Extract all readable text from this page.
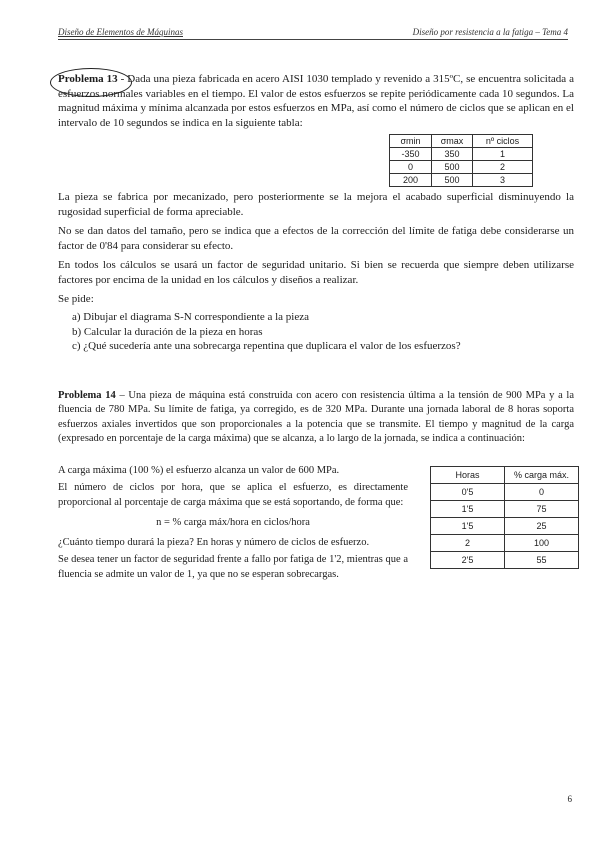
Diseño de Elementos de Máquinas	Diseño por resistencia a la fatiga – Tema 4
Problema 13 - Dada una pieza fabricada en acero AISI 1030 templado y revenido a 315ºC, se encuentra solicitada a esfuerzos normales variables en el tiempo. El valor de estos esfuerzos se repite periódicamente cada 10 segundos. La magnitud máxima y mínima alcanzada por estos esfuerzos en MPa, así como el número de ciclos que se aplican en el intervalo de 10 segundos se indica en la siguiente tabla:
σmin	σmax	nº ciclos
-350	350	1
0	500	2
200	500	3
La pieza se fabrica por mecanizado, pero posteriormente se la mejora el acabado superficial disminuyendo la rugosidad superficial de forma apreciable.
No se dan datos del tamaño, pero se indica que a efectos de la corrección del límite de fatiga debe considerarse un factor de 0'84 para considerar su efecto.
En todos los cálculos se usará un factor de seguridad unitario. Si bien se recuerda que siempre deben utilizarse factores por encima de la unidad en los cálculos y diseños a realizar.
Se pide:
a) Dibujar el diagrama S-N correspondiente a la pieza
b) Calcular la duración de la pieza en horas
c) ¿Qué sucedería ante una sobrecarga repentina que duplicara el valor de los esfuerzos?
Problema 14 – Una pieza de máquina está construida con acero con resistencia última a la tensión de 900 MPa y a la fluencia de 780 MPa. Su límite de fatiga, ya corregido, es de 320 MPa. Durante una jornada laboral de 8 horas soporta esfuerzos axiales invertidos que son proporcionales a la potencia que se transmite. El tiempo y magnitud de la carga (expresado en porcentaje de la carga máxima) que se alcanza, a lo largo de la jornada, se indica a continuación:
A carga máxima (100 %) el esfuerzo alcanza un valor de 600 MPa.
El número de ciclos por hora, que se aplica el esfuerzo, es directamente proporcional al porcentaje de carga máxima que se está soportando, de forma que:
n = % carga máx/hora en ciclos/hora
¿Cuánto tiempo durará la pieza? En horas y número de ciclos de esfuerzo.
Se desea tener un factor de seguridad frente a fallo por fatiga de 1'2, mientras que a fluencia se admite un valor de 1, ya que no se esperan sobrecargas.
Horas	% carga máx.
0'5	0
1'5	75
1'5	25
2	100
2'5	55
6
